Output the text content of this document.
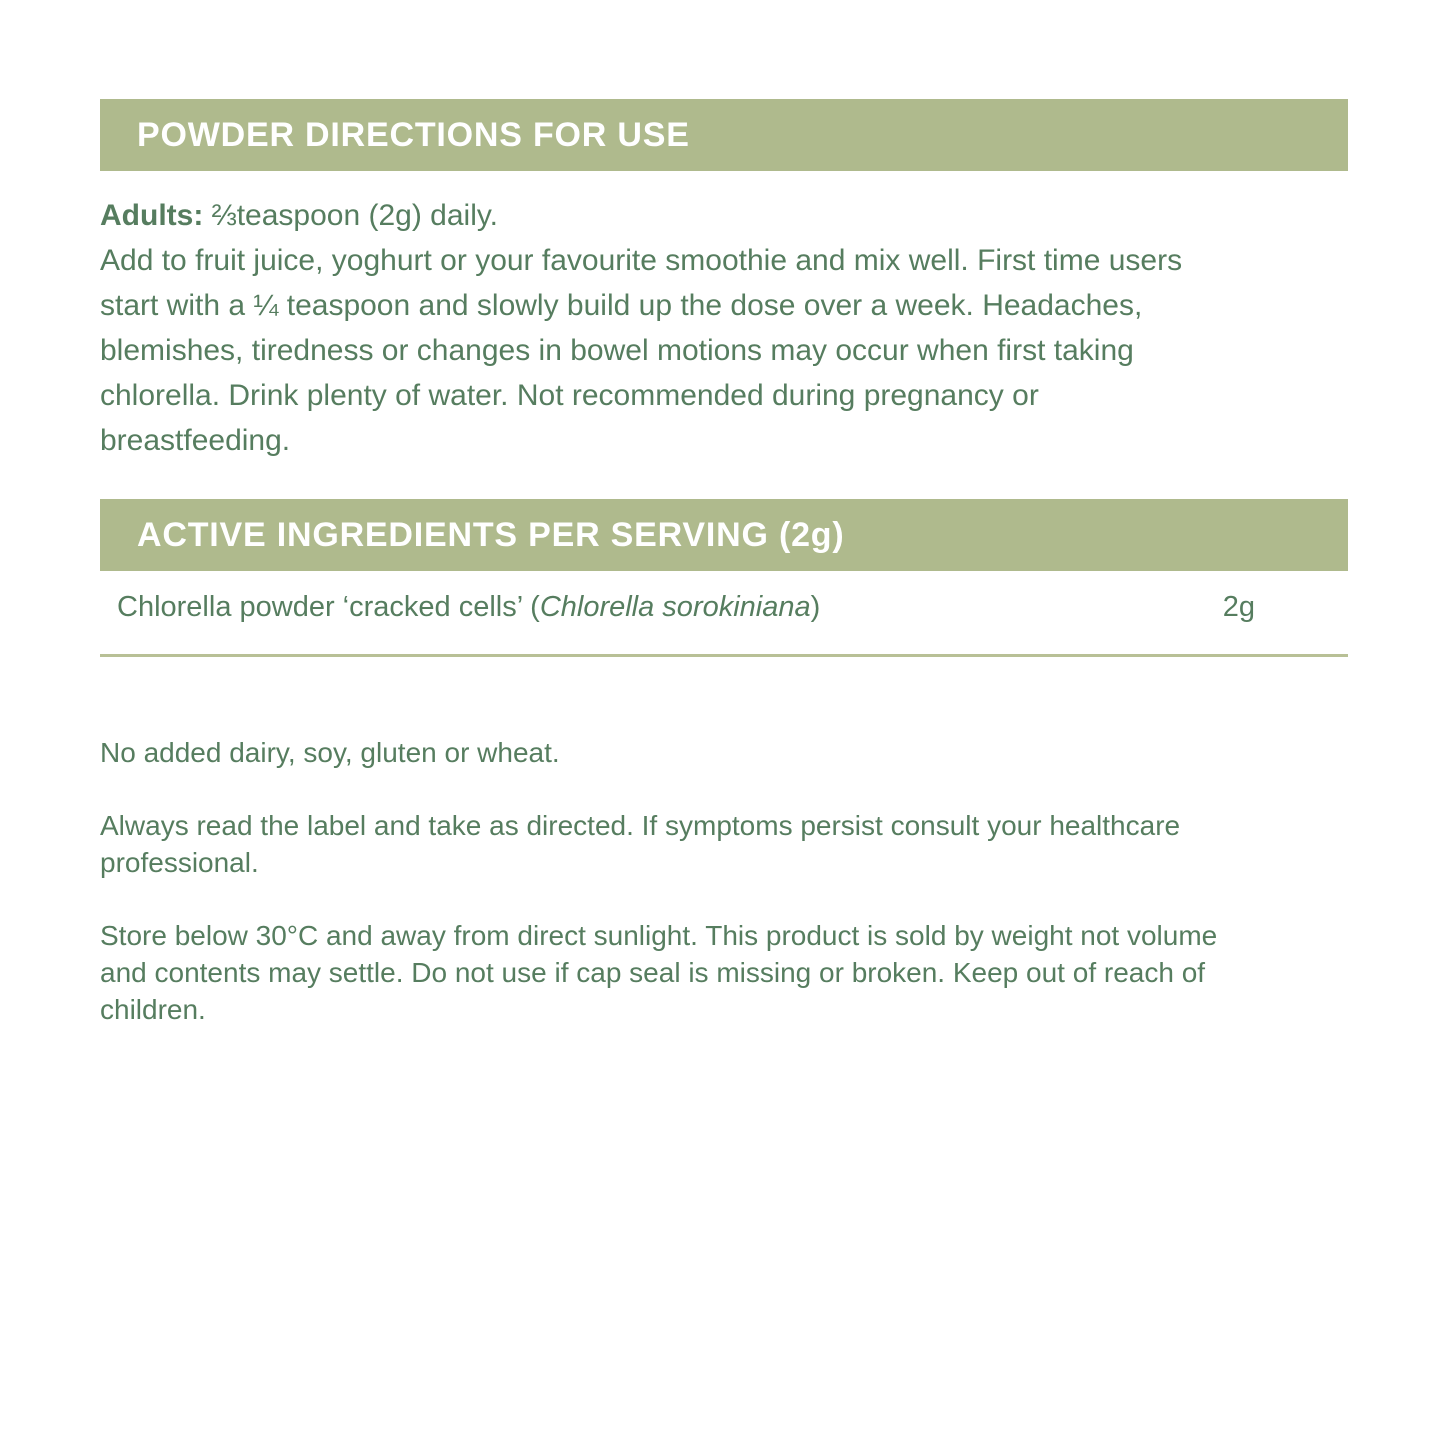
POWDER DIRECTIONS FOR USE

Adults: ⅔teaspoon (2g) daily.
Add to fruit juice, yoghurt or your favourite smoothie and mix well. First time users start with a ¼ teaspoon and slowly build up the dose over a week. Headaches, blemishes, tiredness or changes in bowel motions may occur when first taking chlorella. Drink plenty of water. Not recommended during pregnancy or breastfeeding.

ACTIVE INGREDIENTS PER SERVING (2g)
Chlorella powder ‘cracked cells’ (Chlorella sorokiniana)	2g

No added dairy, soy, gluten or wheat.

Always read the label and take as directed. If symptoms persist consult your healthcare professional.

Store below 30°C and away from direct sunlight. This product is sold by weight not volume and contents may settle. Do not use if cap seal is missing or broken. Keep out of reach of children.
